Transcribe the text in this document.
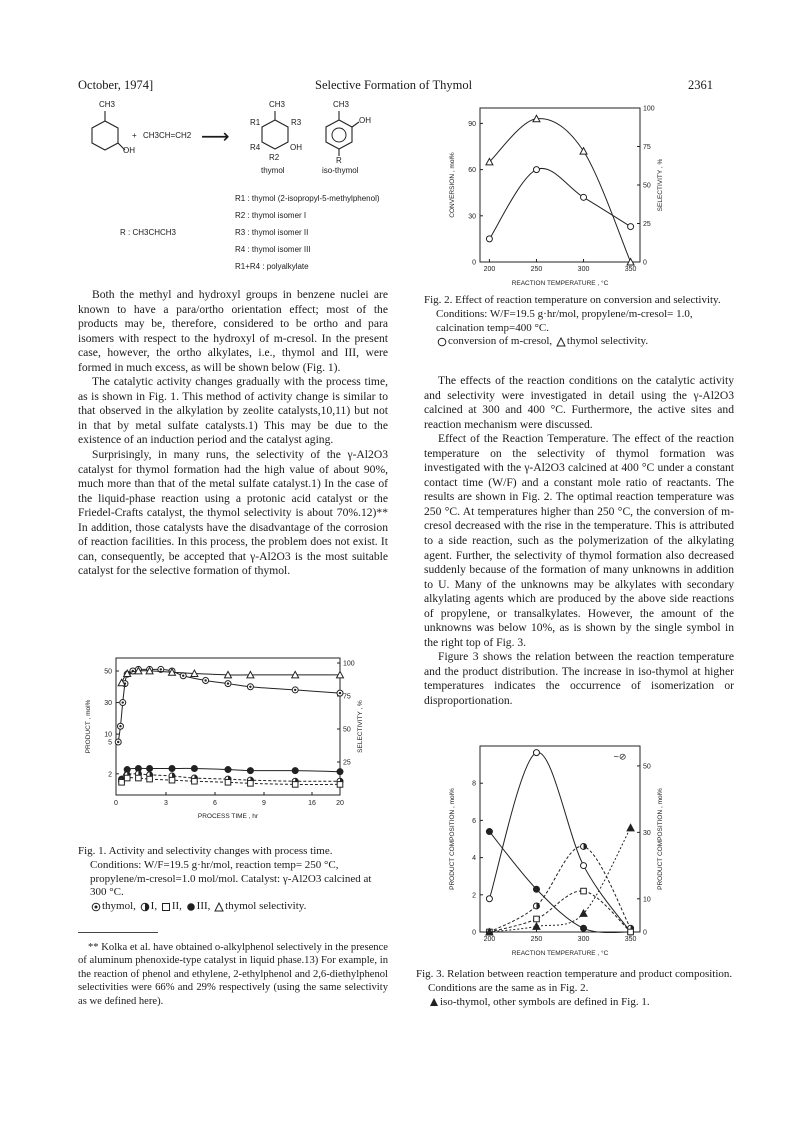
October, 1974]	Selective Formation of Thymol	2361
CH3
OH
+ CH3CH=CH2 ⟶
CH3
R1	R3
R4	OH
R2
thymol
CH3
OH
R
iso-thymol
R : CH3CHCH3
R1 : thymol (2-isopropyl-5-methylphenol)
R2 : thymol isomer I
R3 : thymol isomer II
R4 : thymol isomer III
R1+R4 : polyalkylate

Both the methyl and hydroxyl groups in benzene nuclei are known to have a para/ortho orientation effect; most of the products may be, therefore, considered to be ortho and para isomers with respect to the hydroxyl of m-cresol. In the present case, however, the ortho alkylates, i.e., thymol and III, were formed in much excess, as will be shown below (Fig. 1).

The catalytic activity changes gradually with the process time, as is shown in Fig. 1. This method of activity change is similar to that observed in the alkylation by zeolite catalysts,10,11) but not in that by metal sulfate catalysts.1) This may be due to the existence of an induction period and the catalyst aging.

Surprisingly, in many runs, the selectivity of the γ-Al2O3 catalyst for thymol formation had the high value of about 90%, much more than that of the metal sulfate catalyst.1) In the case of the liquid-phase reaction using a protonic acid catalyst or the Friedel-Crafts catalyst, the thymol selectivity is about 70%.12)** In addition, those catalysts have the disadvantage of the corrosion of reaction facilities. In this process, the problem does not exist. It can, consequently, be accepted that γ-Al2O3 is the most suitable catalyst for the selective formation of thymol.

PROCESS TIME , hr
PRODUCT , mol%	SELECTIVITY , %
0	3	6	9	16	20
2
5
10
30
50
25
50
75
100

Fig. 1. Activity and selectivity changes with process time.

Conditions: W/F=19.5 g·hr/mol, reaction temp= 250 °C, propylene/m-cresol=1.0 mol/mol. Catalyst: γ-Al2O3 calcined at 300 °C.

thymol, I, II, III, thymol selectivity.

** Kolka et al. have obtained o-alkylphenol selectively in the presence of aluminum phenoxide-type catalyst in liquid phase.13) For example, in the reaction of phenol and ethylene, 2-ethylphenol and 2,6-diethylphenol selectivities were 66% and 29% respectively (using the same selectivity as we defined here).
REACTION TEMPERATURE , °C
CONVERSION , mol%	SELECTIVITY , %
200	250	300	350
0
30
60
90
0
25
50
75
100

Fig. 2. Effect of reaction temperature on conversion and selectivity.

Conditions: W/F=19.5 g·hr/mol, propylene/m-cresol= 1.0, calcination temp=400 °C.

conversion of m-cresol, thymol selectivity.

The effects of the reaction conditions on the catalytic activity and selectivity were investigated in detail using the γ-Al2O3 calcined at 300 and 400 °C. Furthermore, the active sites and reaction mechanism were discussed.

Effect of the Reaction Temperature. The effect of the reaction temperature on the selectivity of thymol formation was investigated with the γ-Al2O3 calcined at 400 °C under a constant contact time (W/F) and a constant mole ratio of reactants. The results are shown in Fig. 2. The optimal reaction temperature was 250 °C. At temperatures higher than 250 °C, the conversion of m-cresol decreased with the rise in the temperature. This is attributed to a side reaction, such as the polymerization of the alkylating agent. Further, the selectivity of thymol formation also decreased suddenly because of the formation of many unknowns in addition to U. Many of the unknowns may be alkylates with secondary alkylating agents which are produced by the above side reactions of propylene, or transalkylates. However, the amount of the unknowns was below 10%, as is shown by the single symbol in the right top of Fig. 3.

Figure 3 shows the relation between the reaction temperature and the product distribution. The increase in iso-thymol at higher temperatures indicates the occurrence of isomerization or disproportionation.

REACTION TEMPERATURE , °C
PRODUCT COMPOSITION , mol%	PRODUCT COMPOSITION , mol%
200	250	300	350
0
2
4
6
8
0
10
30
50
~⊘

Fig. 3. Relation between reaction temperature and product composition.

Conditions are the same as in Fig. 2.

iso-thymol, other symbols are defined in Fig. 1.
